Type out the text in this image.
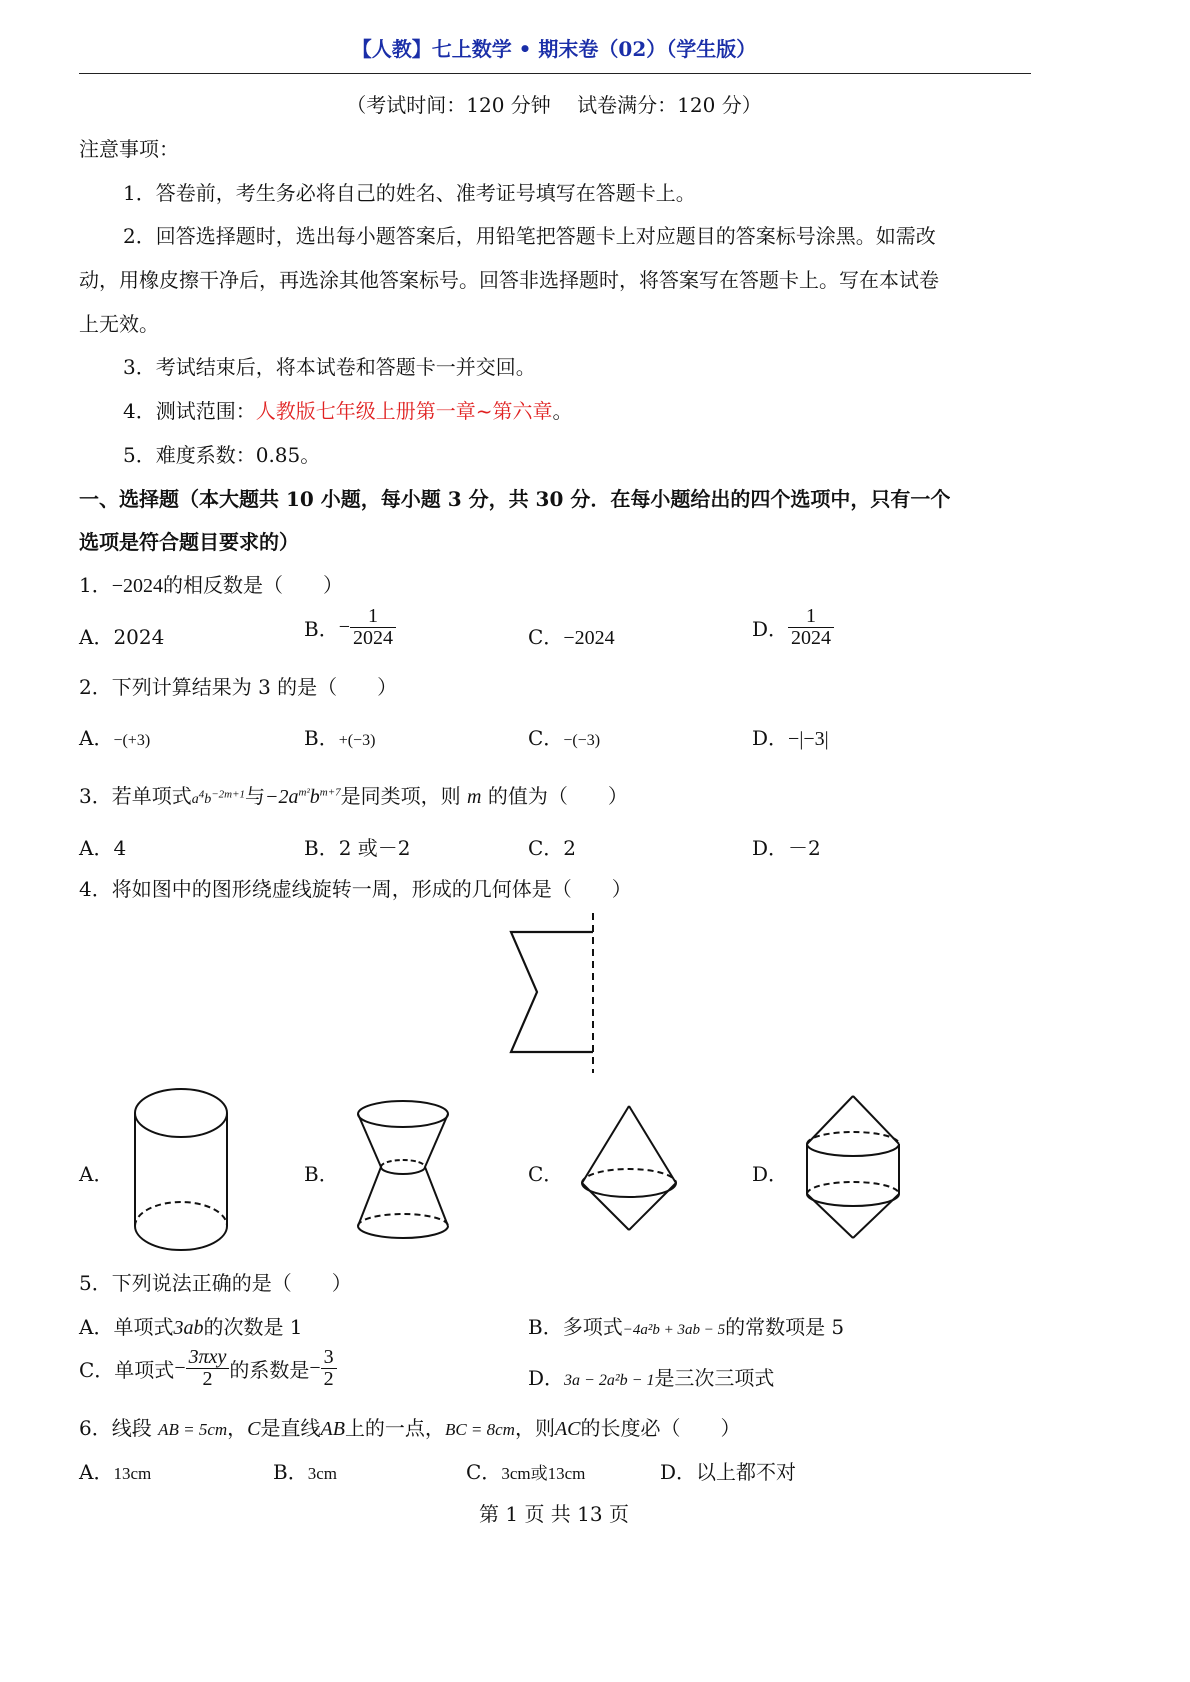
【人教】七上数学 • 期末卷（02）（学生版）
（考试时间：120 分钟　 试卷满分：120 分）
注意事项：
1．答卷前，考生务必将自己的姓名、准考证号填写在答题卡上。
2．回答选择题时，选出每小题答案后，用铅笔把答题卡上对应题目的答案标号涂黑。如需改
动，用橡皮擦干净后，再选涂其他答案标号。回答非选择题时，将答案写在答题卡上。写在本试卷
上无效。
3．考试结束后，将本试卷和答题卡一并交回。
4．测试范围：人教版七年级上册第一章~第六章。
5．难度系数：0.85。
一、选择题（本大题共 10 小题，每小题 3 分，共 30 分．在每小题给出的四个选项中，只有一个
选项是符合题目要求的）
1．−2024的相反数是（　　）
A．2024	B．− $\frac{1}{2024}$	C．−2024	D． $\frac{1}{2024}$
2．下列计算结果为 3 的是（　　）
A．−(+3)	B．+(−3)	C．−(−3)	D．−|−3|
3．若单项式$a^4b^{-2m+1}$与$-2a^{m^2}b^{m+7}$是同类项，则 m 的值为（　　）
A．4	B．2 或－2	C．2	D．－2
4．将如图中的图形绕虚线旋转一周，形成的几何体是（　　）
A．	B．	C．	D．
5．下列说法正确的是（　　）
A．单项式3ab的次数是 1	B．多项式−4a²b + 3ab − 5的常数项是 5
C．单项式− $\frac{\text{3πxy}}{2}$ 的系数是− $\frac{3}{2}$	D．3a − 2a²b − 1是三次三项式
6．线段 AB = 5cm，C是直线AB上的一点，BC = 8cm，则AC的长度必（　　）
A．13cm	B．3cm	C．3cm或13cm	D．以上都不对
第 1 页 共 13 页
